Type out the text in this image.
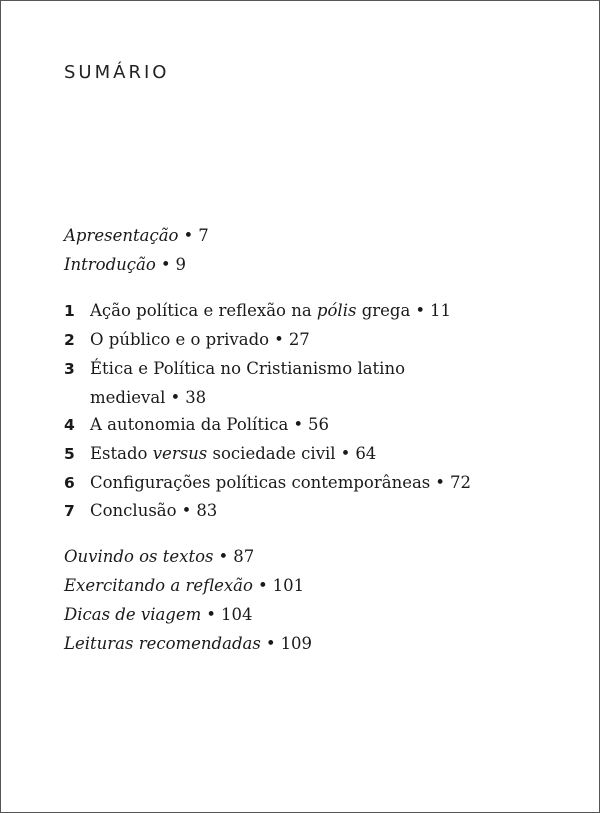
SUMÁRIO
Apresentação • 7
Introdução • 9
1 Ação política e reflexão na pólis grega • 11
2 O público e o privado • 27
3 Ética e Política no Cristianismo latino
medieval • 38
4 A autonomia da Política • 56
5 Estado versus sociedade civil • 64
6 Configurações políticas contemporâneas • 72
7 Conclusão • 83
Ouvindo os textos • 87
Exercitando a reflexão • 101
Dicas de viagem • 104
Leituras recomendadas • 109
